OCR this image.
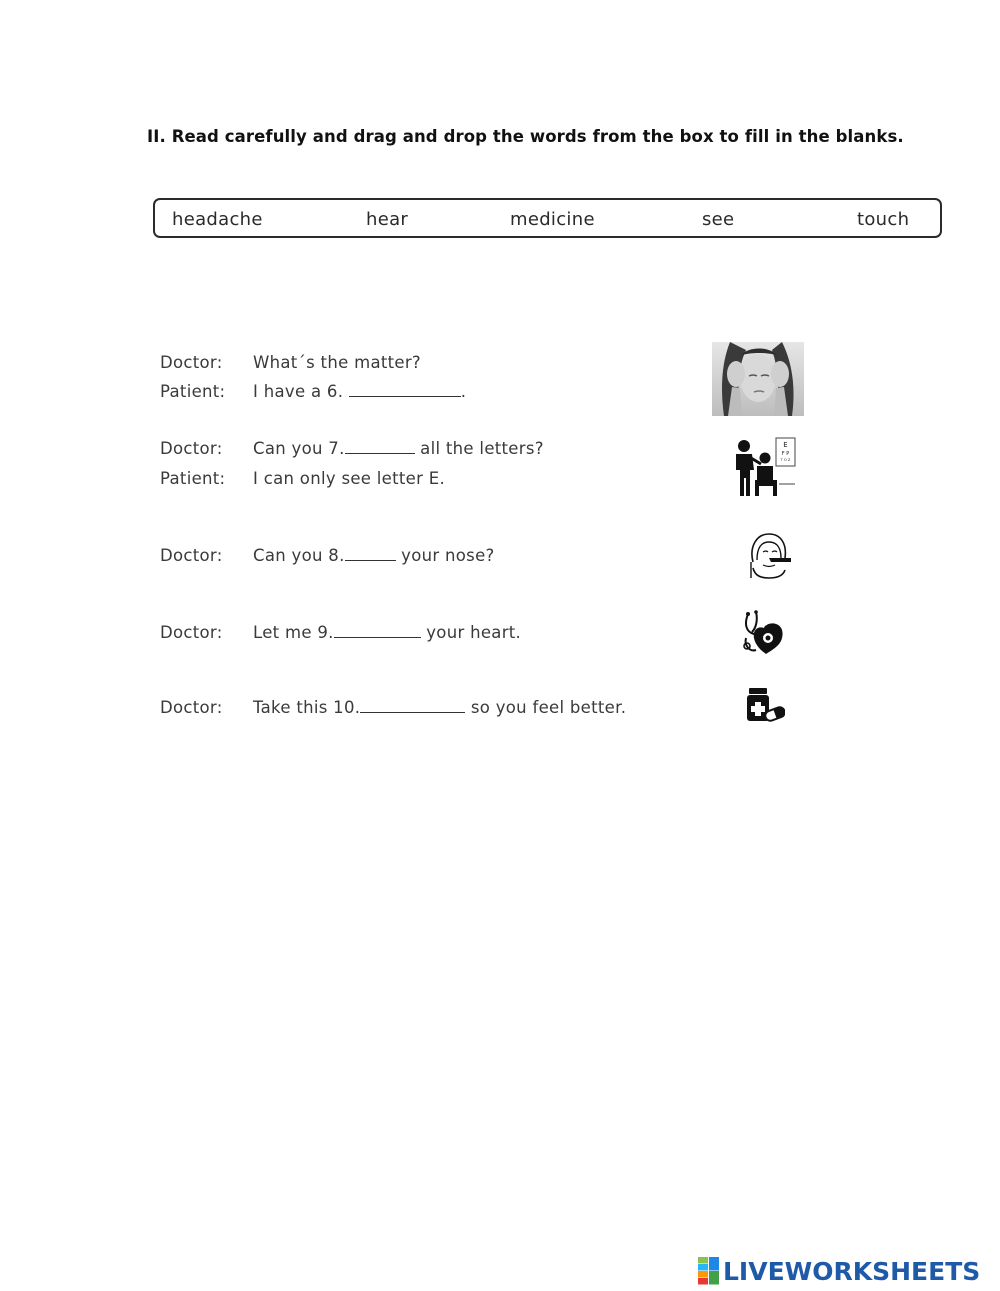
II. Read carefully and drag and drop the words from the box to fill in the blanks.
headache	hear	medicine	see	touch
Doctor: What´s the matter?
Patient: I have a 6.	.
Doctor: Can you 7.	all the letters?
Patient: I can only see letter E.
Doctor: Can you 8.	your nose?
Doctor: Let me 9.	your heart.
Doctor: Take this 10.	so you feel better.
E
F P
T O Z
LIVEWORKSHEETS
